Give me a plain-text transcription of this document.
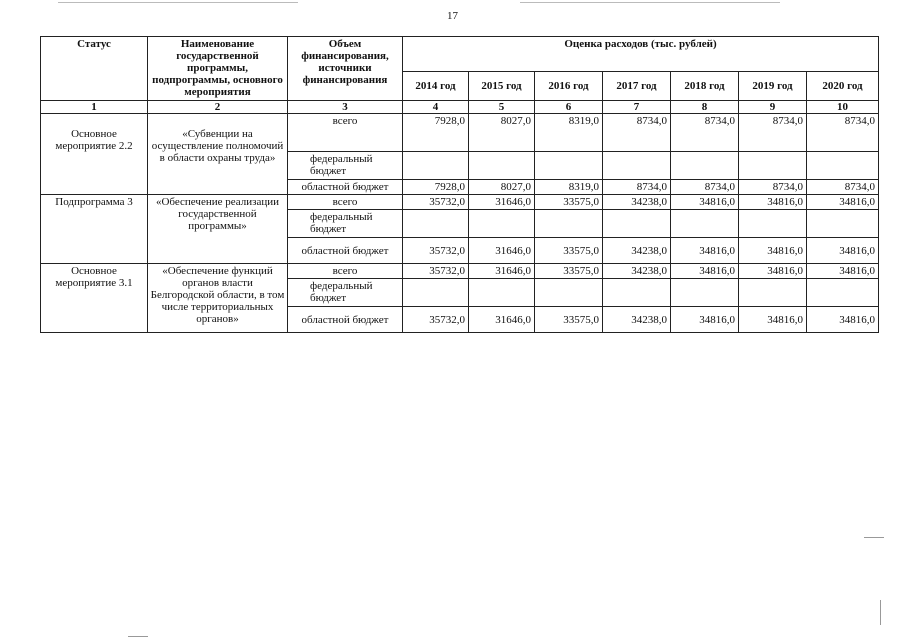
17
Статус	Наименование государственной программы, подпрограммы, основного мероприятия	Объем финансирования, источники финансирования	Оценка расходов (тыс. рублей)						
			2014 год	2015 год	2016 год	2017 год	2018 год	2019 год	2020 год
1	2	3	4	5	6	7	8	9	10
Основное мероприятие 2.2	«Субвенции на осуществление полномочий в области охраны труда»	всего	7928,0	8027,0	8319,0	8734,0	8734,0	8734,0	8734,0
		федеральный бюджет							
		областной бюджет	7928,0	8027,0	8319,0	8734,0	8734,0	8734,0	8734,0
Подпрограмма 3	«Обеспечение реализации государственной программы»	всего	35732,0	31646,0	33575,0	34238,0	34816,0	34816,0	34816,0
		федеральный бюджет							
		областной бюджет	35732,0	31646,0	33575,0	34238,0	34816,0	34816,0	34816,0
Основное мероприятие 3.1	«Обеспечение функций органов власти Белгородской области, в том числе территориальных органов»	всего	35732,0	31646,0	33575,0	34238,0	34816,0	34816,0	34816,0
		федеральный бюджет							
		областной бюджет	35732,0	31646,0	33575,0	34238,0	34816,0	34816,0	34816,0
